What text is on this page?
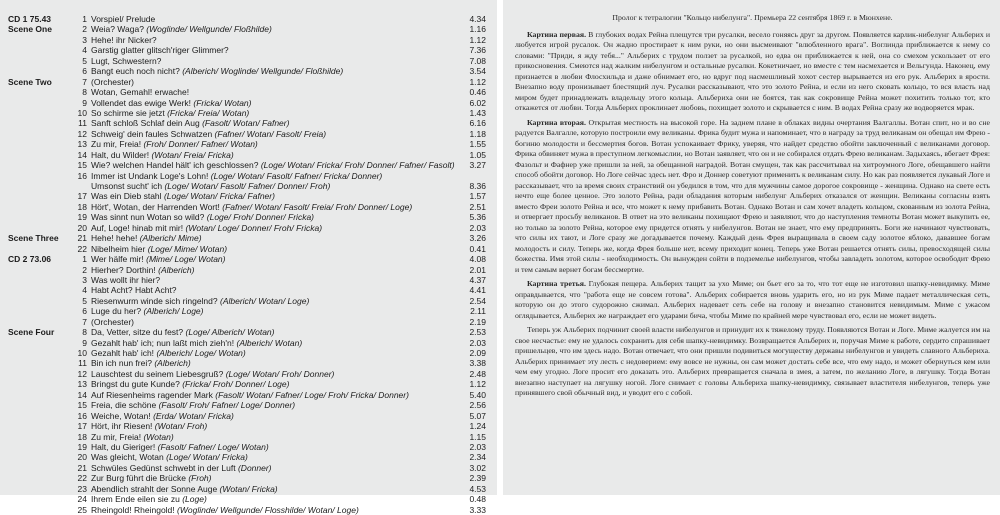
CD 1 75.43	1 Vorspiel/ Prelude	4.34
Scene One	2 Weia? Waga? (Woglinde/ Wellgunde/ Floßhilde)	1.16
3 Hehe! ihr Nicker?	1.12
4 Garstig glatter glitsch'riger Glimmer?	7.36
5 Lugt, Schwestern?	7.08
6 Bangt euch noch nicht? (Alberich/ Woglinde/ Wellgunde/ Floßhilde)	3.54
Scene Two	7 (Orchester)	1.12
8 Wotan, Gemahl! erwache!	0.46
9 Vollendet das ewige Werk! (Fricka/ Wotan)	6.02
10 So schirme sie jetzt (Fricka/ Freia/ Wotan)	1.43
11 Sanft schloß Schlaf dein Aug (Fasolt/ Wotan/ Fafner)	6.16
12 Schweig' dein faules Schwatzen (Fafner/ Wotan/ Fasolt/ Freia)	1.18
13 Zu mir, Freia! (Froh/ Donner/ Fafner/ Wotan)	1.55
14 Halt, du Wilder! (Wotan/ Freia/ Fricka)	1.05
15 Wie? welchen Handel hält' ich geschlossen? (Loge/ Wotan/ Fricka/ Froh/ Donner/ Fafner/ Fasolt)	3.27
16 Immer ist Undank Loge's Lohn! (Loge/ Wotan/ Fasolt/ Fafner/ Fricka/ Donner)
Umsonst sucht' ich (Loge/ Wotan/ Fasolt/ Fafner/ Donner/ Froh)	8.36
17 Was ein Dieb stahl (Loge/ Wotan/ Fricka/ Fafner)	1.57
18 Hört', Wotan, der Harrenden Wort! (Fafner/ Wotan/ Fasolt/ Freia/ Froh/ Donner/ Loge)	2.51
19 Was sinnt nun Wotan so wild? (Loge/ Froh/ Donner/ Fricka)	5.36
20 Auf, Loge! hinab mit mir! (Wotan/ Loge/ Donner/ Froh/ Fricka)	2.03
Scene Three	21 Hehe! hehe! (Alberich/ Mime)	3.26
22 Nibelheim hier (Loge/ Mime/ Wotan)	0.41
CD 2 73.06	1 Wer hälfe mir! (Mime/ Loge/ Wotan)	4.08
2 Hierher? Dorthin! (Alberich)	2.01
3 Was wollt ihr hier?	4.37
4 Habt Acht? Habt Acht?	4.41
5 Riesenwurm winde sich ringelnd? (Alberich/ Wotan/ Loge)	2.54
6 Luge du her? (Alberich/ Loge)	2.11
7 (Orchester)	2.19
Scene Four	8 Da, Vetter, sitze du fest? (Loge/ Alberich/ Wotan)	2.53
9 Gezahlt hab' ich; nun laßt mich zieh'n! (Alberich/ Wotan)	2.03
10 Gezahlt hab' ich! (Alberich/ Loge/ Wotan)	2.09
11 Bin ich nun frei? (Alberich)	3.38
12 Lauschtest du seinem Liebesgruß? (Loge/ Wotan/ Froh/ Donner)	2.48
13 Bringst du gute Kunde? (Fricka/ Froh/ Donner/ Loge)	1.12
14 Auf Riesenheims ragender Mark (Fasolt/ Wotan/ Fafner/ Loge/ Froh/ Fricka/ Donner)	5.40
15 Freia, die schöne (Fasolt/ Froh/ Fafner/ Loge/ Donner)	2.56
16 Weiche, Wotan! (Erda/ Wotan/ Fricka)	5.07
17 Hört, ihr Riesen! (Wotan/ Froh)	1.24
18 Zu mir, Freia! (Wotan)	1.15
19 Halt, du Gieriger! (Fasolt/ Fafner/ Loge/ Wotan)	2.03
20 Was gleicht, Wotan (Loge/ Wotan/ Fricka)	2.34
21 Schwüles Gedünst schwebt in der Luft (Donner)	3.02
22 Zur Burg führt die Brücke (Froh)	2.39
23 Abendlich strahlt der Sonne Auge (Wotan/ Fricka)	4.53
24 Ihrem Ende eilen sie zu (Loge)	0.48
25 Rheingold! Rheingold! (Woglinde/ Wellgunde/ Flosshilde/ Wotan/ Loge)	3.33

Пролог к тетралогии "Кольцо нибелунга". Премьера 22 сентября 1869 г. в Мюнхене.

Картина первая. В глубоких водах Рейна плещутся три русалки, весело гоняясь друг за другом. Появляется карлик-нибелунг Альберих и любуется игрой русалок. Он жадно простирает к ним руки, но они высмеивают "влюбленного врага". Воглинда приближается к нему со словами: "Приди, я жду тебя..." Альберих с трудом ползет за русалкой, но едва он приближается к ней, она со смехом ускользает от его прикосновения. Смеются над жалким нибелунгом и остальные русалки. Кокетничает, но вместе с тем насмехается и Вельгунда. Наконец, ему признается в любви Флосхильда и даже обнимает его, но вдруг под насмешливый хохот сестер вырывается из его рук. Альберих в ярости. Внезапно воду пронизывает блестящий луч. Русалки рассказывают, что это золото Рейна, и если из него сковать кольцо, то вся власть над миром будет принадлежать владельцу этого кольца. Альбериха они не боятся, так как сокровище Рейна может похитить только тот, кто откажется от любви. Тогда Альберих проклинает любовь, похищает золото и скрывается с ним. В водах Рейна сразу же водворяется мрак.

Картина вторая. Открытая местность на высокой горе. На заднем плане в облаках видны очертания Валгаллы. Вотан спит, но и во сне радуется Валгалле, которую построили ему великаны. Фрика будит мужа и напоминает, что в награду за труд великанам он обещал им Фрею - богиню молодости и бессмертия богов. Вотан успокаивает Фрику, уверяя, что найдет средство обойти заключенный с великанами договор. Фрика обвиняет мужа в преступном легкомыслии, но Вотан заявляет, что он и не собирался отдать Фрею великанам. Задыхаясь, вбегает Фрея: Фазольт и Фафнер уже пришли за ней, за обещанной наградой. Вотан смущен, так как рассчитывал на хитроумного Логе, обещавшего найти способ обойти договор. Но Логе сейчас здесь нет. Фро и Доннер советуют применить к великанам силу. Но как раз появляется лукавый Логе и рассказывает, что за время своих странствий он убедился в том, что для мужчины самое дорогое сокровище - женщина. Однако на свете есть нечто еще более ценное. Это золото Рейна, ради обладания которым нибелунг Альберих отказался от женщин. Великаны согласны взять вместо Фреи золото Рейна и все, что может к нему прибавить Вотан. Однако Вотан и сам хочет владеть кольцом, скованным из золота Рейна, и отвергает просьбу великанов. В ответ на это великаны похищают Фрею и заявляют, что до наступления темноты Вотан может выкупить ее, но только за золото Рейна, которое ему придется отнять у нибелунгов. Вотан не знает, что ему предпринять. Боги же начинают чувствовать, что силы их тают, и Логе сразу же догадывается почему. Каждый день Фрея выращивала в своем саду золотое яблоко, дававшее богам молодость и силу. Теперь же, когда Фрея больше нет, всему приходит конец. Теперь уже Вотан решается отнять силы, превосходящей силы божества. Имя этой силы - необходимость. Он вынужден сойти в подземелье нибелунгов, чтобы завладеть золотом, которое освободит Фрею и тем самым вернет богам бессмертие.

Картина третья. Глубокая пещера. Альберих тащит за ухо Миме; он бьет его за то, что тот еще не изготовил шапку-невидимку. Миме оправдывается, что "работа еще не совсем готова". Альберих собирается вновь ударить его, но из рук Миме падает металлическая сеть, которую он до этого судорожно сжимал. Альберих надевает сеть себе на голову и внезапно становится невидимым. Миме с ужасом оглядывается, Альберих же награждает его ударами бича, чтобы Миме по крайней мере чувствовал его, если не может видеть.

Теперь уж Альберих подчинит своей власти нибелунгов и принудит их к тяжелому труду. Появляются Вотан и Логе. Миме жалуется им на свое несчастье: ему не удалось сохранить для себя шапку-невидимку. Возвращается Альберих и, поручая Миме к работе, сердито спрашивает пришельцев, что им здесь надо. Вотан отвечает, что они пришли подивиться могуществу державы нибелунгов и увидеть славного Альбериха. Альберих принимает эту лесть с недоверием: ему вовсе не нужны, он сам может достать себе все, что ему надо, и может обернуться кем или чем ему угодно. Логе просит его доказать это. Альберих превращается сначала в змея, а затем, по желанию Логе, в лягушку. Тогда Вотан внезапно наступает на лягушку ногой. Логе снимает с головы Альбериха шапку-невидимку, связывает властителя нибелунгов, теперь уже принявшего свой обычный вид, и уводит его с собой.
